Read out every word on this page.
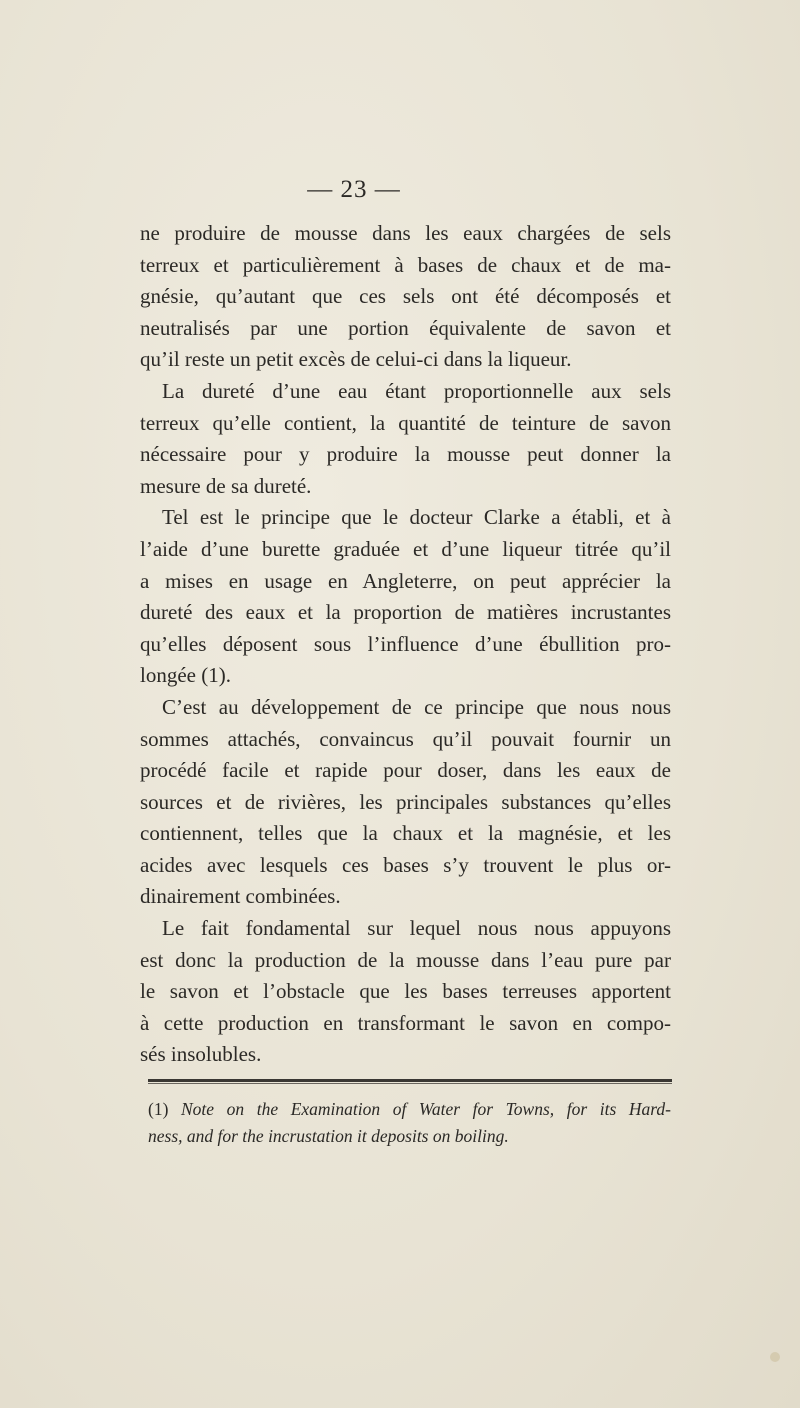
— 23 —
ne produire de mousse dans les eaux chargées de sels
terreux et particulièrement à bases de chaux et de ma-
gnésie, qu’autant que ces sels ont été décomposés et
neutralisés par une portion équivalente de savon et
qu’il reste un petit excès de celui-ci dans la liqueur.
La dureté d’une eau étant proportionnelle aux sels
terreux qu’elle contient, la quantité de teinture de savon
nécessaire pour y produire la mousse peut donner la
mesure de sa dureté.
Tel est le principe que le docteur Clarke a établi, et à
l’aide d’une burette graduée et d’une liqueur titrée qu’il
a mises en usage en Angleterre, on peut apprécier la
dureté des eaux et la proportion de matières incrustantes
qu’elles déposent sous l’influence d’une ébullition pro-
longée (1).
C’est au développement de ce principe que nous nous
sommes attachés, convaincus qu’il pouvait fournir un
procédé facile et rapide pour doser, dans les eaux de
sources et de rivières, les principales substances qu’elles
contiennent, telles que la chaux et la magnésie, et les
acides avec lesquels ces bases s’y trouvent le plus or-
dinairement combinées.
Le fait fondamental sur lequel nous nous appuyons
est donc la production de la mousse dans l’eau pure par
le savon et l’obstacle que les bases terreuses apportent
à cette production en transformant le savon en compo-
sés insolubles.
(1) Note on the Examination of Water for Towns, for its Hard-
ness, and for the incrustation it deposits on boiling.
